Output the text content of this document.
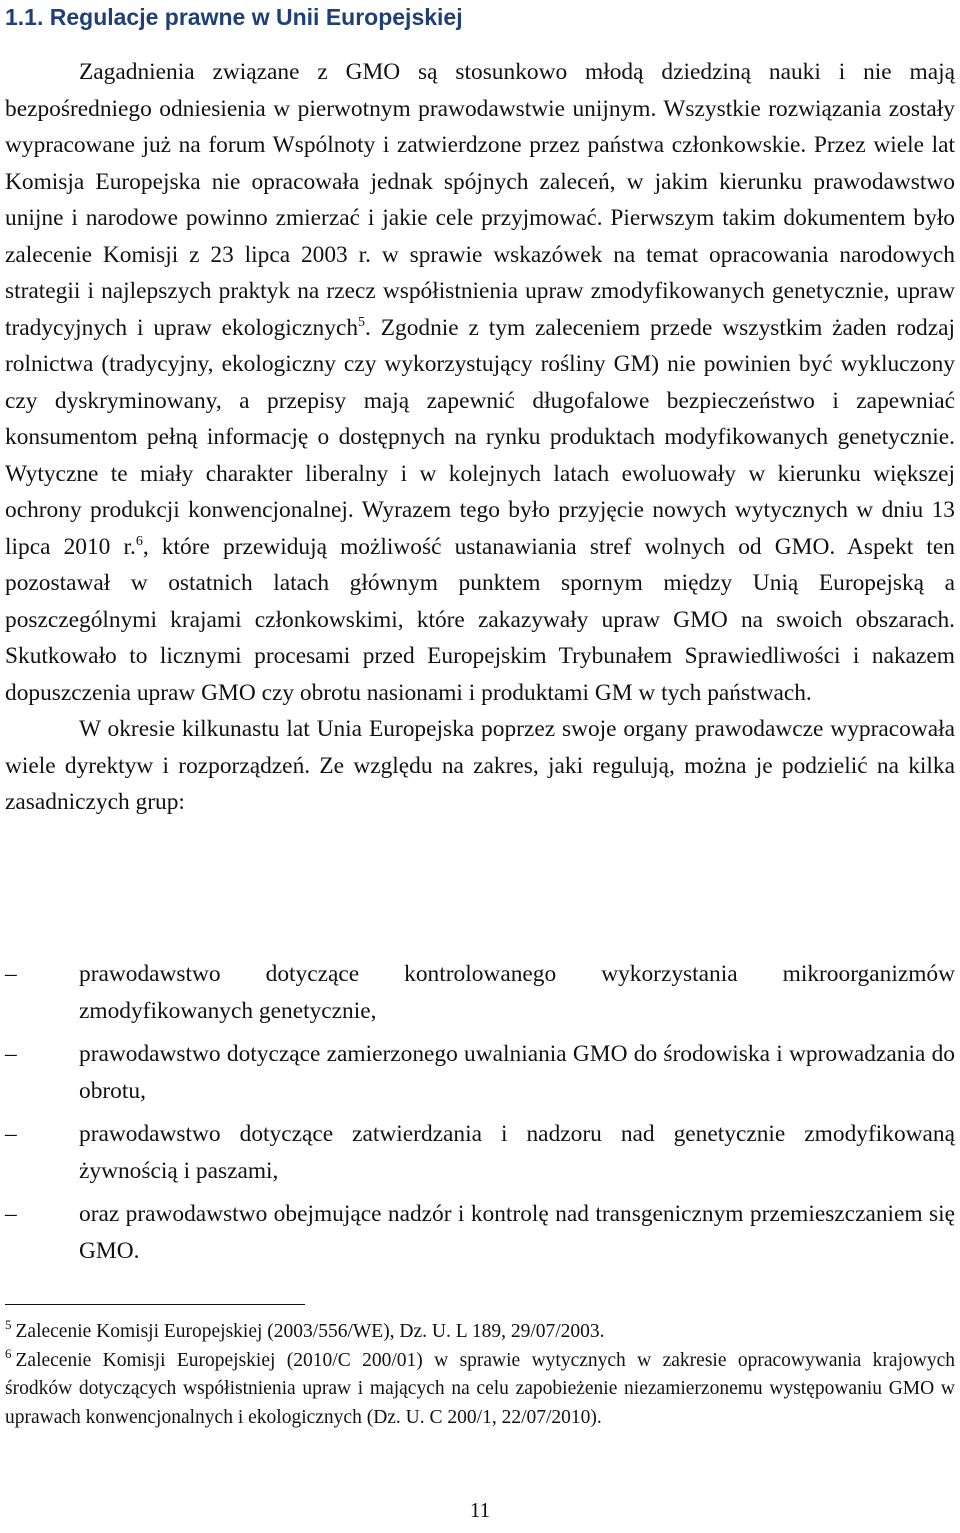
1.1. Regulacje prawne w Unii Europejskiej

Zagadnienia związane z GMO są stosunkowo młodą dziedziną nauki i nie mają bezpośredniego odniesienia w pierwotnym prawodawstwie unijnym. Wszystkie rozwiązania zostały wypracowane już na forum Wspólnoty i zatwierdzone przez państwa członkowskie. Przez wiele lat Komisja Europejska nie opracowała jednak spójnych zaleceń, w jakim kierunku prawodawstwo unijne i narodowe powinno zmierzać i jakie cele przyjmować. Pierwszym takim dokumentem było zalecenie Komisji z 23 lipca 2003 r. w sprawie wskazówek na temat opracowania narodowych strategii i najlepszych praktyk na rzecz współistnienia upraw zmodyfikowanych genetycznie, upraw tradycyjnych i upraw ekologicznych$^5$. Zgodnie z tym zaleceniem przede wszystkim żaden rodzaj rolnictwa (tradycyjny, ekologiczny czy wykorzystujący rośliny GM) nie powinien być wykluczony czy dyskryminowany, a przepisy mają zapewnić długofalowe bezpieczeństwo i zapewniać konsumentom pełną informację o dostępnych na rynku produktach modyfikowanych genetycznie. Wytyczne te miały charakter liberalny i w kolejnych latach ewoluowały w kierunku większej ochrony produkcji konwencjonalnej. Wyrazem tego było przyjęcie nowych wytycznych w dniu 13 lipca 2010 r.$^6$, które przewidują możliwość ustanawiania stref wolnych od GMO. Aspekt ten pozostawał w ostatnich latach głównym punktem spornym między Unią Europejską a poszczególnymi krajami członkowskimi, które zakazywały upraw GMO na swoich obszarach. Skutkowało to licznymi procesami przed Europejskim Trybunałem Sprawiedliwości i nakazem dopuszczenia upraw GMO czy obrotu nasionami i produktami GM w tych państwach.

W okresie kilkunastu lat Unia Europejska poprzez swoje organy prawodawcze wypracowała wiele dyrektyw i rozporządzeń. Ze względu na zakres, jaki regulują, można je podzielić na kilka zasadniczych grup:

–	prawodawstwo dotyczące kontrolowanego wykorzystania mikroorganizmów zmodyfikowanych genetycznie,
–	prawodawstwo dotyczące zamierzonego uwalniania GMO do środowiska i wprowadzania do obrotu,
–	prawodawstwo dotyczące zatwierdzania i nadzoru nad genetycznie zmodyfikowaną żywnością i paszami,
–	oraz prawodawstwo obejmujące nadzór i kontrolę nad transgenicznym przemieszczaniem się GMO.

$^5$ Zalecenie Komisji Europejskiej (2003/556/WE), Dz. U. L 189, 29/07/2003.

$^6$ Zalecenie Komisji Europejskiej (2010/C 200/01) w sprawie wytycznych w zakresie opracowywania krajowych środków dotyczących współistnienia upraw i mających na celu zapobieżenie niezamierzonemu występowaniu GMO w uprawach konwencjonalnych i ekologicznych (Dz. U. C 200/1, 22/07/2010).

11
